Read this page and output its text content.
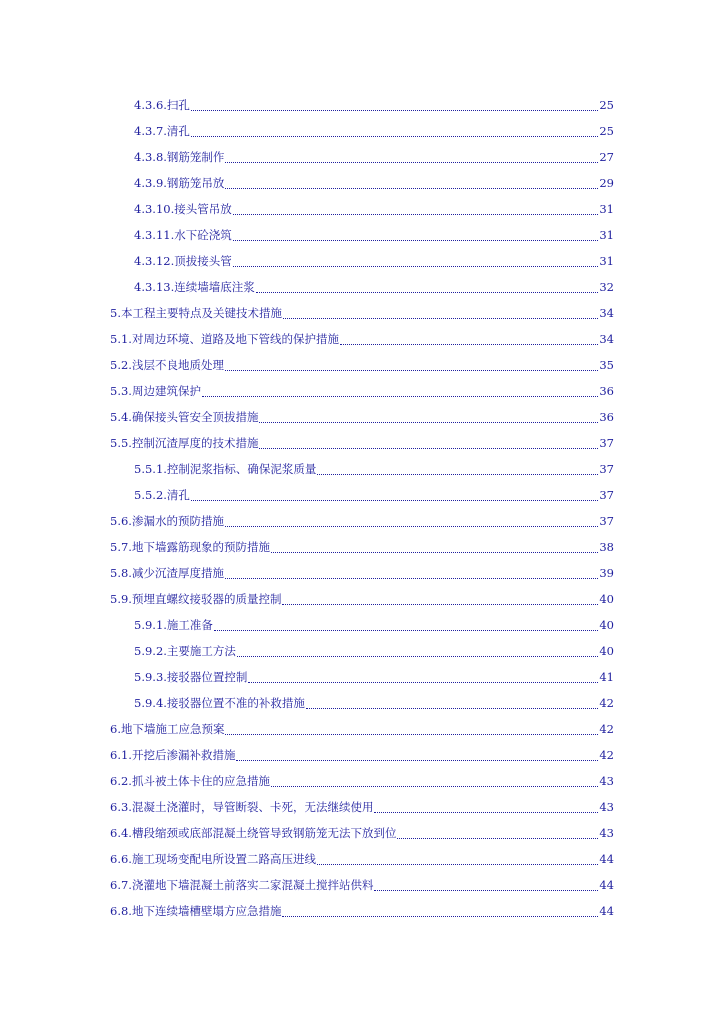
4.3.6.扫孔	25
4.3.7.清孔	25
4.3.8.钢筋笼制作	27
4.3.9.钢筋笼吊放	29
4.3.10.接头管吊放	31
4.3.11.水下砼浇筑	31
4.3.12.顶拔接头管	31
4.3.13.连续墙墙底注浆	32
5.本工程主要特点及关键技术措施	34
5.1.对周边环境、道路及地下管线的保护措施	34
5.2.浅层不良地质处理	35
5.3.周边建筑保护	36
5.4.确保接头管安全顶拔措施	36
5.5.控制沉渣厚度的技术措施	37
5.5.1.控制泥浆指标、确保泥浆质量	37
5.5.2.清孔	37
5.6.渗漏水的预防措施	37
5.7.地下墙露筋现象的预防措施	38
5.8.减少沉渣厚度措施	39
5.9.预埋直螺纹接驳器的质量控制	40
5.9.1.施工准备	40
5.9.2.主要施工方法	40
5.9.3.接驳器位置控制	41
5.9.4.接驳器位置不准的补救措施	42
6.地下墙施工应急预案	42
6.1.开挖后渗漏补救措施	42
6.2.抓斗被土体卡住的应急措施	43
6.3.混凝土浇灌时，导管断裂、卡死，无法继续使用	43
6.4.槽段缩颈或底部混凝土绕管导致钢筋笼无法下放到位	43
6.6.施工现场变配电所设置二路高压进线	44
6.7.浇灌地下墙混凝土前落实二家混凝土搅拌站供料	44
6.8.地下连续墙槽壁塌方应急措施	44
